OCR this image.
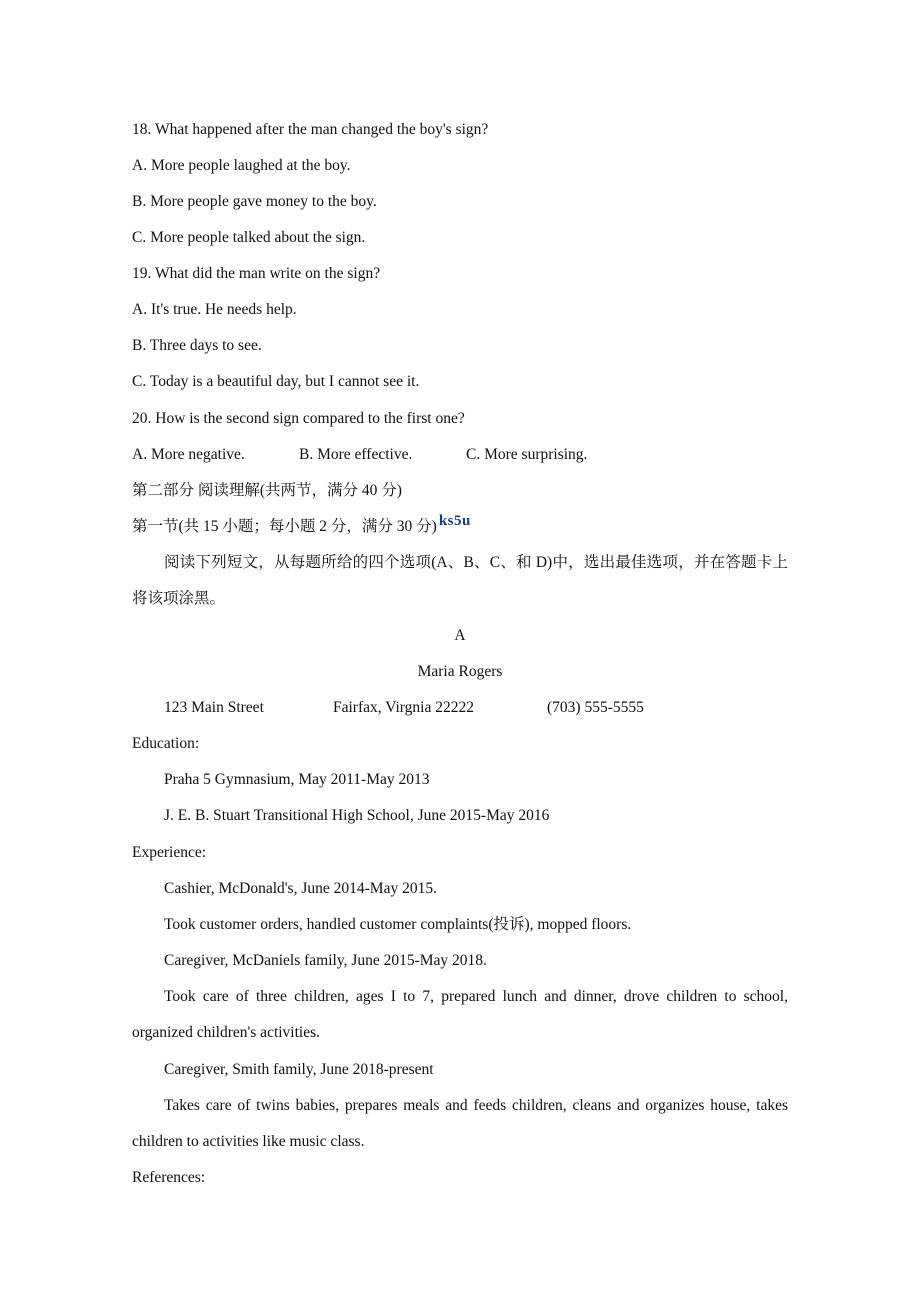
18. What happened after the man changed the boy's sign?
A. More people laughed at the boy.
B. More people gave money to the boy.
C. More people talked about the sign.
19. What did the man write on the sign?
A. It's true. He needs help.
B. Three days to see.
C. Today is a beautiful day, but I cannot see it.
20. How is the second sign compared to the first one?
A. More negative.	B. More effective.	C. More surprising.
第二部分 阅读理解(共两节，满分 40 分)
第一节(共 15 小题；每小题 2 分，满分 30 分) ks5u
阅读下列短文，从每题所给的四个选项(A、B、C、和 D)中，选出最佳选项，并在答题卡上将该项涂黑。
A
Maria Rogers
123 Main Street	Fairfax, Virgnia 22222	(703) 555-5555
Education:
Praha 5 Gymnasium, May 2011-May 2013
J. E. B. Stuart Transitional High School, June 2015-May 2016
Experience:
Cashier, McDonald's, June 2014-May 2015.
Took customer orders, handled customer complaints(投诉), mopped floors.
Caregiver, McDaniels family, June 2015-May 2018.
Took care of three children, ages I to 7, prepared lunch and dinner, drove children to school, organized children's activities.
Caregiver, Smith family, June 2018-present
Takes care of twins babies, prepares meals and feeds children, cleans and organizes house, takes children to activities like music class.
References:
